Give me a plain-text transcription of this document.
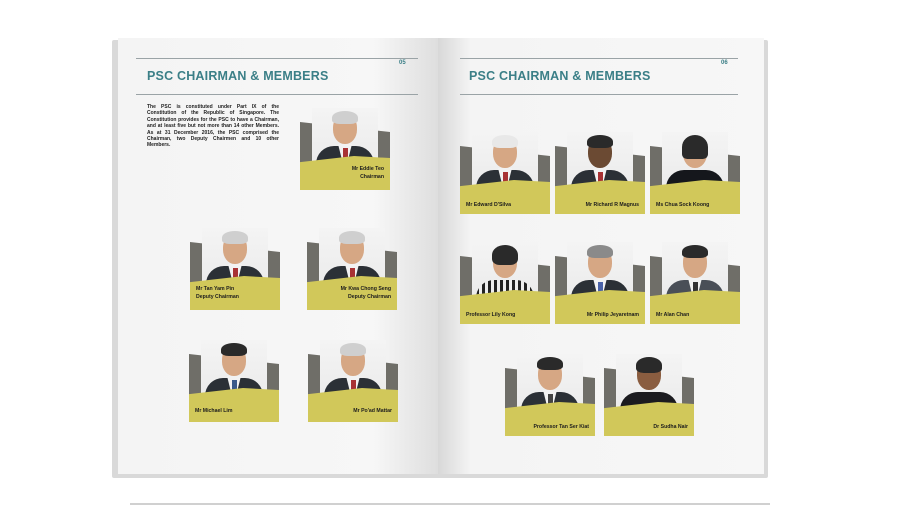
05
PSC CHAIRMAN & MEMBERS
The PSC is constituted under Part IX of the Constitution of the Republic of Singapore. The Constitution provides for the PSC to have a Chairman, and at least five but not more than 14 other Members. As at 31 December 2016, the PSC comprised the Chairman, two Deputy Chairmen and 10 other Members.
Mr Eddie Teo
Chairman
Mr Tan Yam Pin
Deputy Chairman
Mr Kwa Chong Seng
Deputy Chairman
Mr Michael Lim	Mr Po'ad Mattar
06
PSC CHAIRMAN & MEMBERS
Mr Edward D'Silva	Mr Richard R Magnus	Ms Chua Sock Koong
Professor Lily Kong	Mr Philip Jeyaretnam	Mr Alan Chan
Professor Tan Ser Kiat	Dr Sudha Nair
